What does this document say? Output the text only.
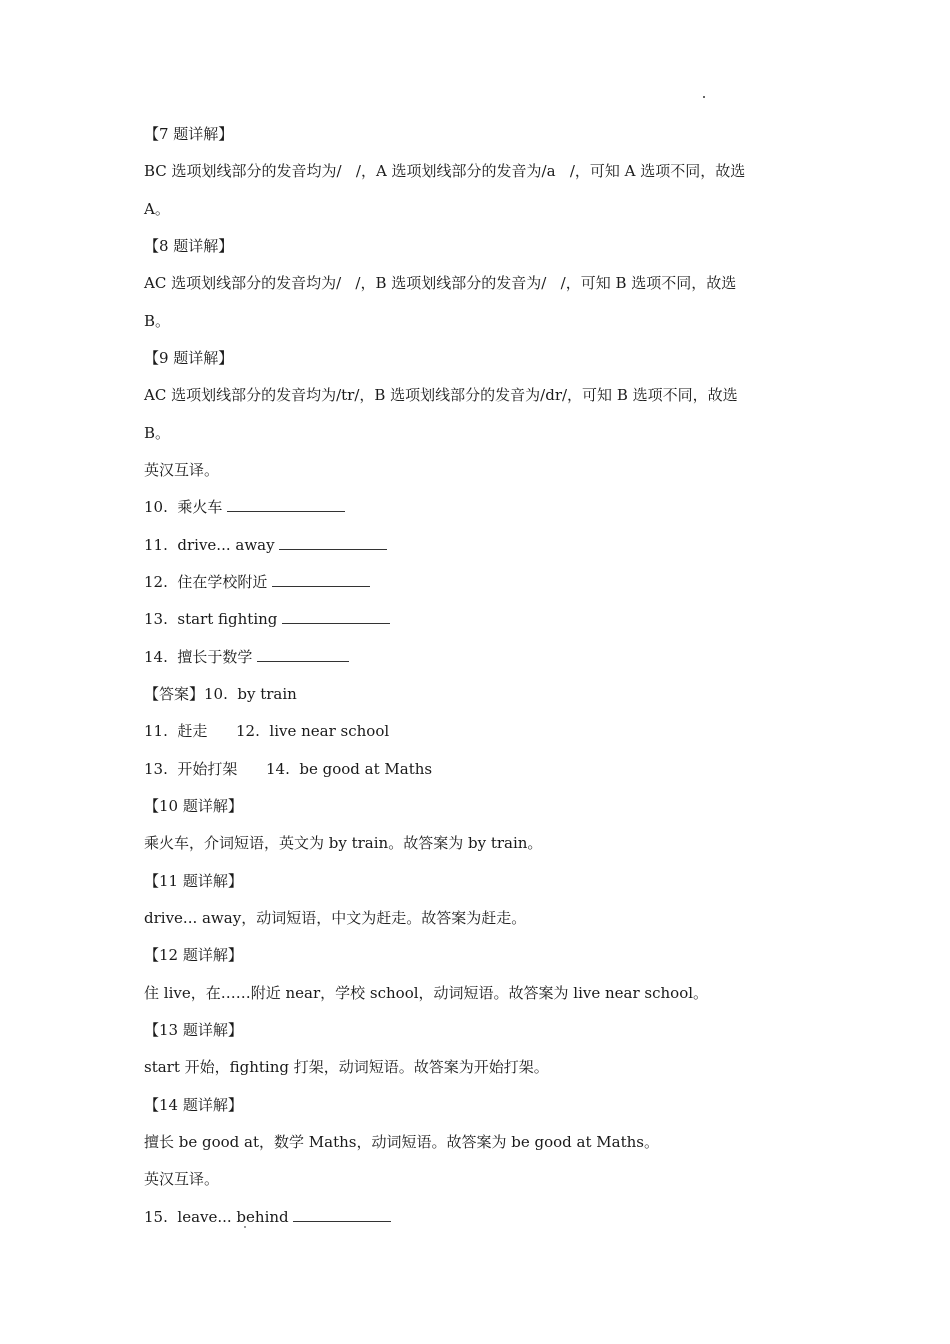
【7 题详解】
BC 选项划线部分的发音均为/   /，A 选项划线部分的发音为/a   /，可知 A 选项不同，故选
A。
【8 题详解】
AC 选项划线部分的发音均为/   /，B 选项划线部分的发音为/   /，可知 B 选项不同，故选
B。
【9 题详解】
AC 选项划线部分的发音均为/tr/，B 选项划线部分的发音为/dr/，可知 B 选项不同，故选
B。
英汉互译。
10.  乘火车
11.  drive... away
12.  住在学校附近
13.  start fighting
14.  擅长于数学
【答案】10.  by train
11.  赶走      12.  live near school
13.  开始打架      14.  be good at Maths
【10 题详解】
乘火车，介词短语，英文为 by train。故答案为 by train。
【11 题详解】
drive... away，动词短语，中文为赶走。故答案为赶走。
【12 题详解】
住 live，在……附近 near，学校 school，动词短语。故答案为 live near school。
【13 题详解】
start 开始，fighting 打架，动词短语。故答案为开始打架。
【14 题详解】
擅长 be good at，数学 Maths，动词短语。故答案为 be good at Maths。
英汉互译。
15.  leave... behind
